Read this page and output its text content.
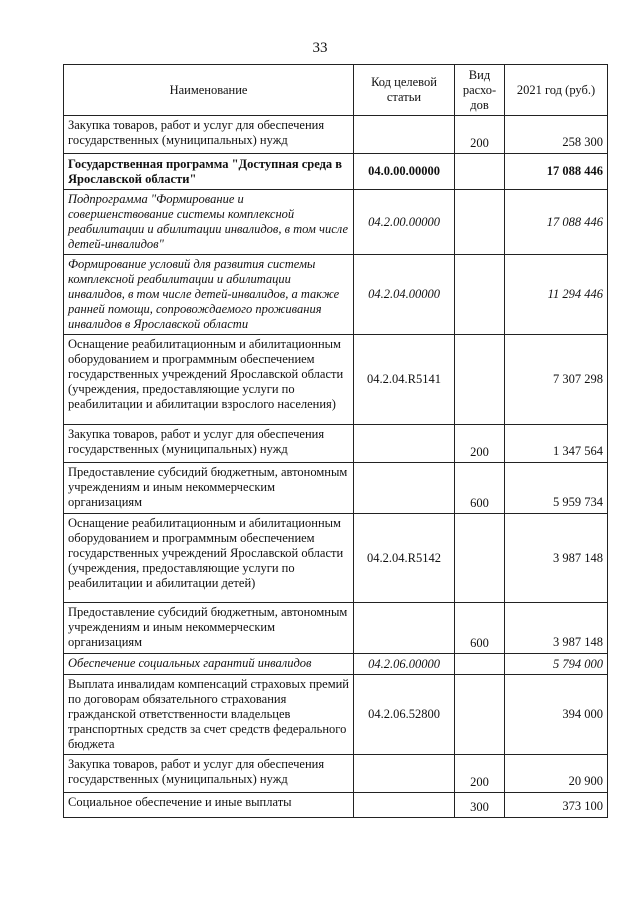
33
Наименование	Код целевой статьи	Вид расхо-дов	2021 год (руб.)
Закупка товаров, работ и услуг для обеспечения государственных (муниципальных) нужд		200	258 300
Государственная программа "Доступная среда в Ярославской области"	04.0.00.00000		17 088 446
Подпрограмма "Формирование и совершенствование системы комплексной реабилитации и абилитации инвалидов, в том числе детей-инвалидов"	04.2.00.00000		17 088 446
Формирование условий для развития системы комплексной реабилитации и абилитации инвалидов, в том числе детей-инвалидов, а также ранней помощи, сопровождаемого проживания инвалидов в Ярославской области	04.2.04.00000		11 294 446
Оснащение реабилитационным и абилитационным оборудованием и программным обеспечением государственных учреждений Ярославской области (учреждения, предоставляющие услуги по реабилитации и абилитации взрослого населения)	04.2.04.R5141		7 307 298
Закупка товаров, работ и услуг для обеспечения государственных (муниципальных) нужд		200	1 347 564
Предоставление субсидий бюджетным, автономным учреждениям и иным некоммерческим организациям		600	5 959 734
Оснащение реабилитационным и абилитационным оборудованием и программным обеспечением государственных учреждений Ярославской области (учреждения, предоставляющие услуги по реабилитации и абилитации детей)	04.2.04.R5142		3 987 148
Предоставление субсидий бюджетным, автономным учреждениям и иным некоммерческим организациям		600	3 987 148
Обеспечение социальных гарантий инвалидов	04.2.06.00000		5 794 000
Выплата инвалидам компенсаций страховых премий по договорам обязательного страхования гражданской ответственности владельцев транспортных средств за счет средств федерального бюджета	04.2.06.52800		394 000
Закупка товаров, работ и услуг для обеспечения государственных (муниципальных) нужд		200	20 900
Социальное обеспечение и иные выплаты		300	373 100
